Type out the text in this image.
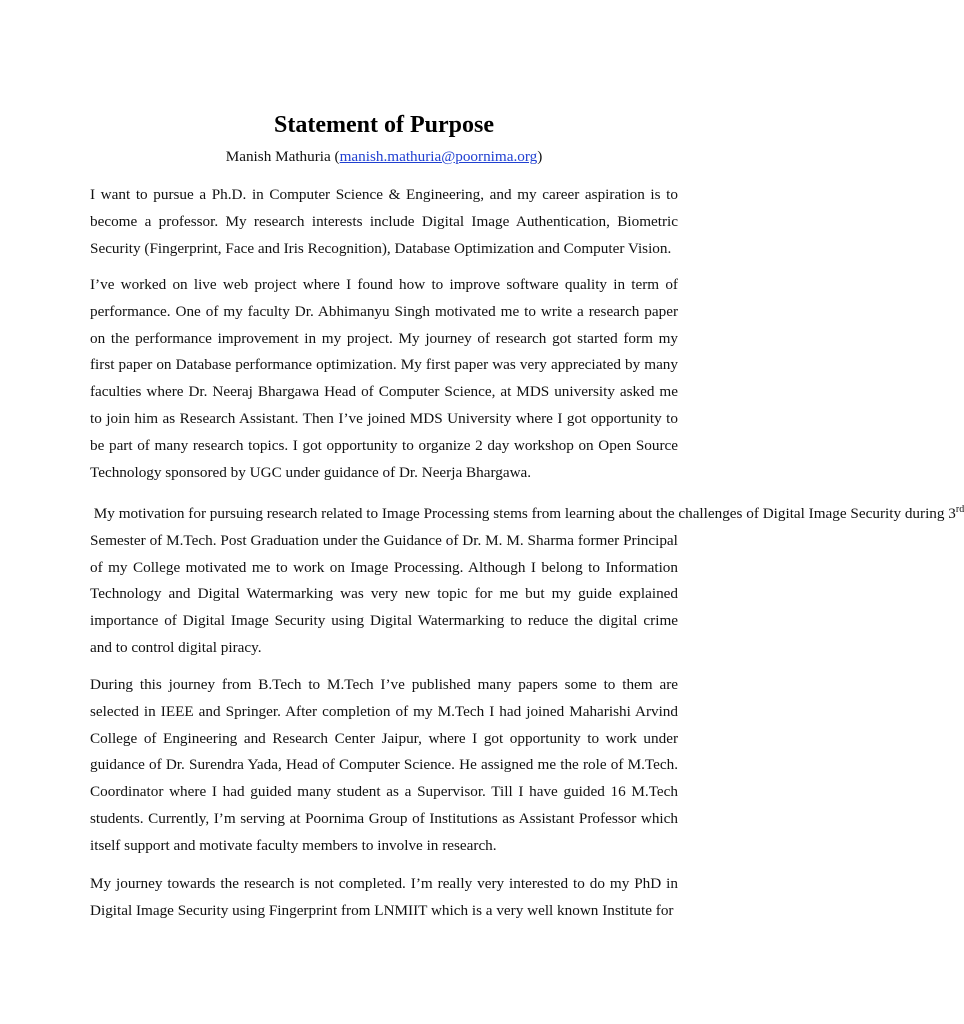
Statement of Purpose
Manish Mathuria (manish.mathuria@poornima.org)

I want to pursue a Ph.D. in Computer Science & Engineering, and my career aspiration is to become a professor. My research interests include Digital Image Authentication, Biometric Security (Fingerprint, Face and Iris Recognition), Database Optimization and Computer Vision.

I’ve worked on live web project where I found how to improve software quality in term of performance. One of my faculty Dr. Abhimanyu Singh motivated me to write a research paper on the performance improvement in my project. My journey of research got started form my first paper on Database performance optimization. My first paper was very appreciated by many faculties where Dr. Neeraj Bhargawa Head of Computer Science, at MDS university asked me to join him as Research Assistant. Then I’ve joined MDS University where I got opportunity to be part of many research topics. I got opportunity to organize 2 day workshop on Open Source Technology sponsored by UGC under guidance of Dr. Neerja Bhargawa.

My motivation for pursuing research related to Image Processing stems from learning about the challenges of Digital Image Security during 3rd Semester of M.Tech. Post Graduation under the Guidance of Dr. M. M. Sharma former Principal of my College motivated me to work on Image Processing. Although I belong to Information Technology and Digital Watermarking was very new topic for me but my guide explained importance of Digital Image Security using Digital Watermarking to reduce the digital crime and to control digital piracy.

During this journey from B.Tech to M.Tech I’ve published many papers some to them are selected in IEEE and Springer. After completion of my M.Tech I had joined Maharishi Arvind College of Engineering and Research Center Jaipur, where I got opportunity to work under guidance of Dr. Surendra Yada, Head of Computer Science. He assigned me the role of M.Tech. Coordinator where I had guided many student as a Supervisor. Till I have guided 16 M.Tech students. Currently, I’m serving at Poornima Group of Institutions as Assistant Professor which itself support and motivate faculty members to involve in research.

My journey towards the research is not completed. I’m really very interested to do my PhD in Digital Image Security using Fingerprint from LNMIIT which is a very well known Institute for
